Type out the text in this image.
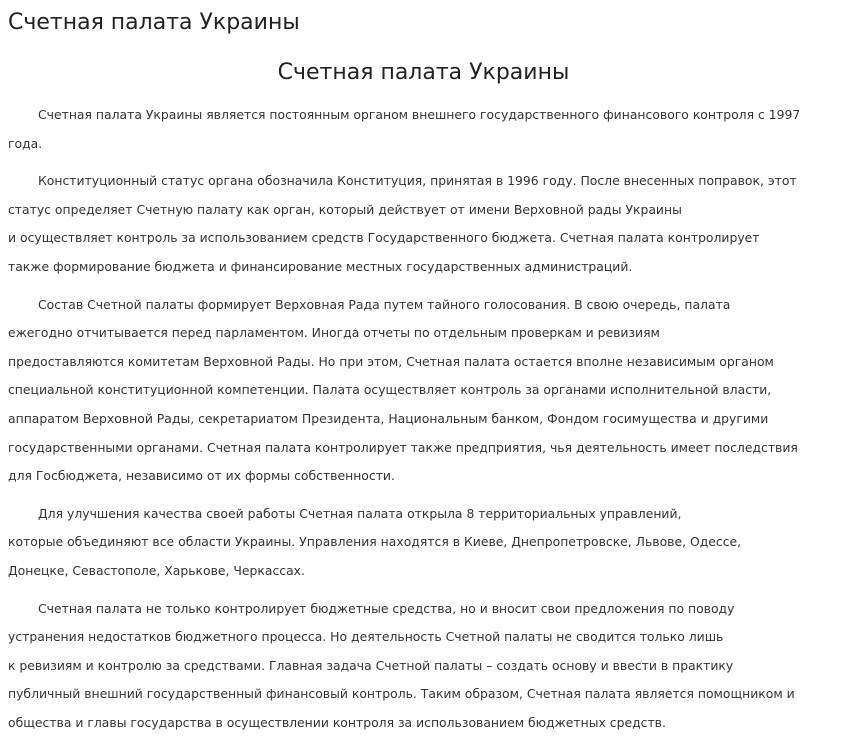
Счетная палата Украины
Счетная палата Украины

Счетная палата Украины является постоянным органом внешнего государственного финансового контроля с 1997
года.

Конституционный статус органа обозначила Конституция, принятая в 1996 году. После внесенных поправок, этот
статус определяет Счетную палату как орган, который действует от имени Верховной рады Украины
и осуществляет контроль за использованием средств Государственного бюджета. Счетная палата контролирует
также формирование бюджета и финансирование местных государственных администраций.

Состав Счетной палаты формирует Верховная Рада путем тайного голосования. В свою очередь, палата
ежегодно отчитывается перед парламентом. Иногда отчеты по отдельным проверкам и ревизиям
предоставляются комитетам Верховной Рады. Но при этом, Счетная палата остается вполне независимым органом
специальной конституционной компетенции. Палата осуществляет контроль за органами исполнительной власти,
аппаратом Верховной Рады, секретариатом Президента, Национальным банком, Фондом госимущества и другими
государственными органами. Счетная палата контролирует также предприятия, чья деятельность имеет последствия
для Госбюджета, независимо от их формы собственности.

Для улучшения качества своей работы Счетная палата открыла 8 территориальных управлений,
которые объединяют все области Украины. Управления находятся в Киеве, Днепропетровске, Львове, Одессе,
Донецке, Севастополе, Харькове, Черкассах.

Счетная палата не только контролирует бюджетные средства, но и вносит свои предложения по поводу
устранения недостатков бюджетного процесса. Но деятельность Счетной палаты не сводится только лишь
к ревизиям и контролю за средствами. Главная задача Счетной палаты – создать основу и ввести в практику
публичный внешний государственный финансовый контроль. Таким образом, Счетная палата является помощником и
общества и главы государства в осуществлении контроля за использованием бюджетных средств.
